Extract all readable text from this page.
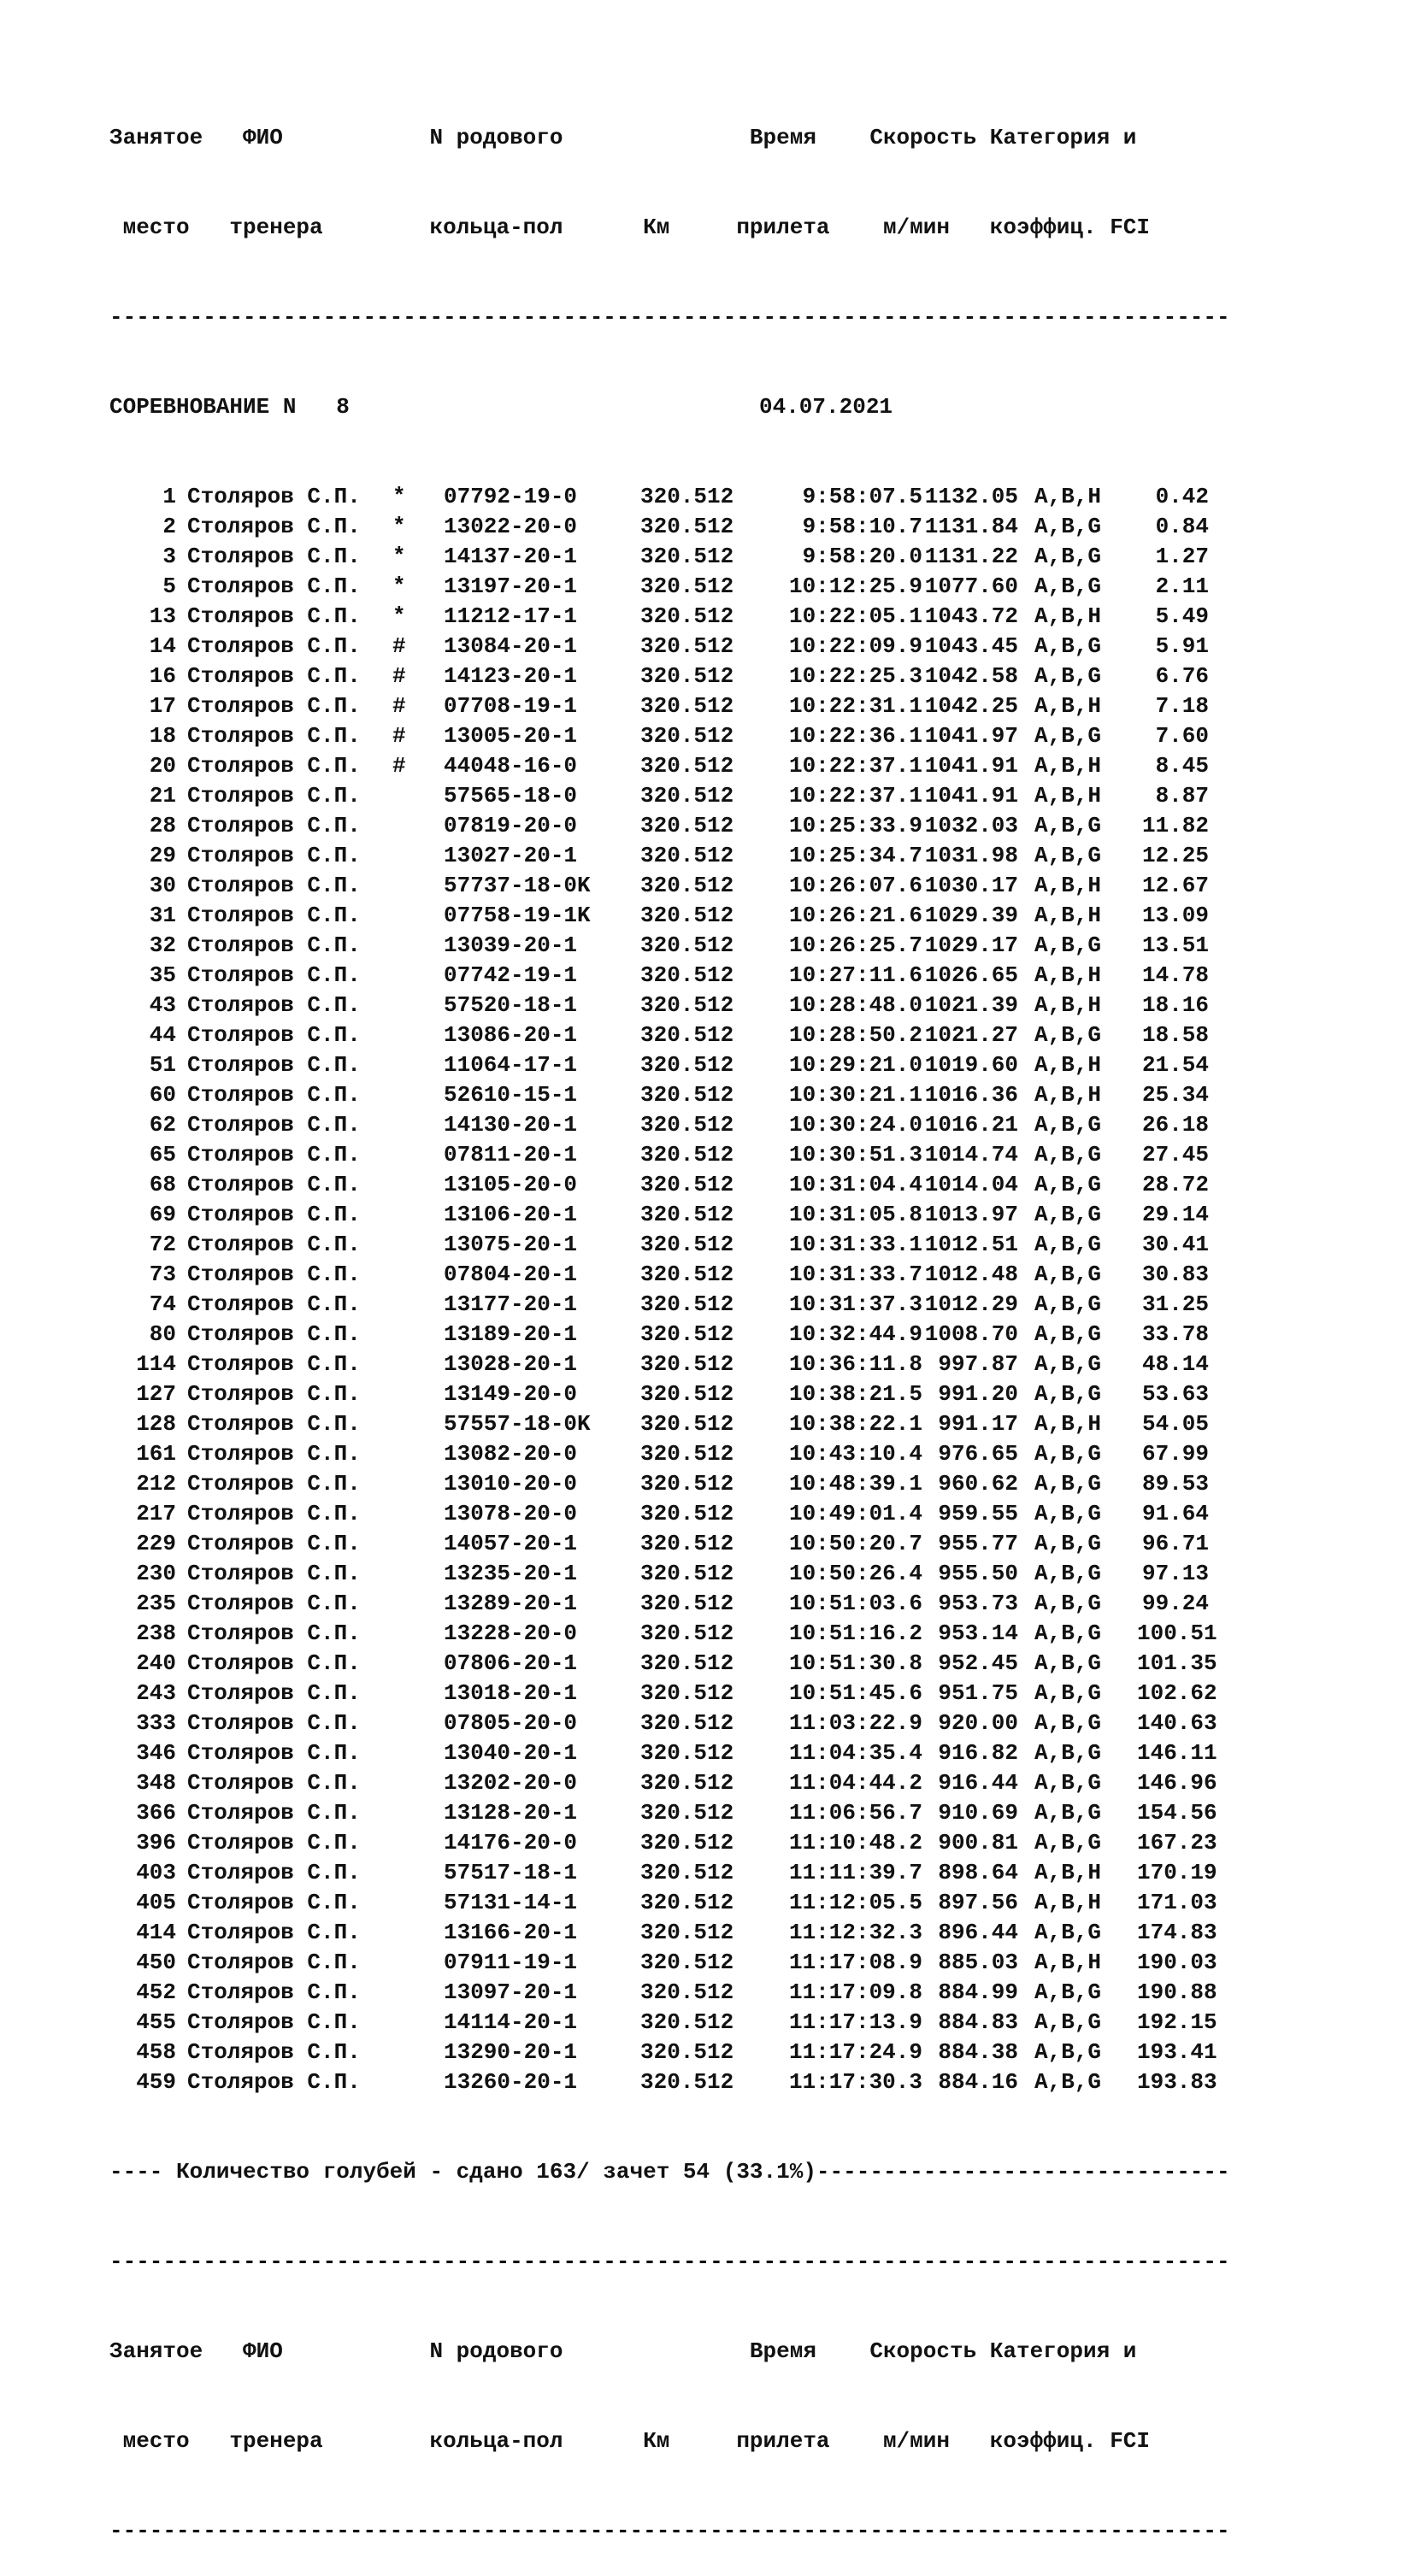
Занятое   ФИО           N родового              Время    Скорость Категория и

место   тренера        кольца-пол      Км     прилета    м/мин   коэффиц. FCI

------------------------------------------------------------------------------------

СОРЕВНОВАНИЕ N   8	04.07.2021

1 Столяров С.П. * 07792-19-0	320.512	9:58:07.5 1132.05 A,B,H 0.42
2 Столяров С.П. * 13022-20-0	320.512	9:58:10.7 1131.84 A,B,G 0.84
3 Столяров С.П. * 14137-20-1	320.512	9:58:20.0 1131.22 A,B,G 1.27
5 Столяров С.П. * 13197-20-1	320.512 10:12:25.9 1077.60 A,B,G 2.11
13 Столяров С.П. * 11212-17-1	320.512 10:22:05.1 1043.72 A,B,H 5.49
14 Столяров С.П. # 13084-20-1	320.512 10:22:09.9 1043.45 A,B,G 5.91
16 Столяров С.П. # 14123-20-1	320.512 10:22:25.3 1042.58 A,B,G 6.76
17 Столяров С.П. # 07708-19-1	320.512 10:22:31.1 1042.25 A,B,H 7.18
18 Столяров С.П. # 13005-20-1	320.512 10:22:36.1 1041.97 A,B,G 7.60
20 Столяров С.П. # 44048-16-0	320.512 10:22:37.1 1041.91 A,B,H 8.45
21 Столяров С.П.	57565-18-0	320.512 10:22:37.1 1041.91 A,B,H 8.87
28 Столяров С.П.	07819-20-0	320.512 10:25:33.9 1032.03 A,B,G 11.82
29 Столяров С.П.	13027-20-1	320.512 10:25:34.7 1031.98 A,B,G 12.25
30 Столяров С.П.	57737-18-0K 320.512 10:26:07.6 1030.17 A,B,H 12.67
31 Столяров С.П.	07758-19-1K 320.512 10:26:21.6 1029.39 A,B,H 13.09
32 Столяров С.П.	13039-20-1	320.512 10:26:25.7 1029.17 A,B,G 13.51
35 Столяров С.П.	07742-19-1	320.512 10:27:11.6 1026.65 A,B,H 14.78
43 Столяров С.П.	57520-18-1	320.512 10:28:48.0 1021.39 A,B,H 18.16
44 Столяров С.П.	13086-20-1	320.512 10:28:50.2 1021.27 A,B,G 18.58
51 Столяров С.П.	11064-17-1	320.512 10:29:21.0 1019.60 A,B,H 21.54
60 Столяров С.П.	52610-15-1	320.512 10:30:21.1 1016.36 A,B,H 25.34
62 Столяров С.П.	14130-20-1	320.512 10:30:24.0 1016.21 A,B,G 26.18
65 Столяров С.П.	07811-20-1	320.512 10:30:51.3 1014.74 A,B,G 27.45
68 Столяров С.П.	13105-20-0	320.512 10:31:04.4 1014.04 A,B,G 28.72
69 Столяров С.П.	13106-20-1	320.512 10:31:05.8 1013.97 A,B,G 29.14
72 Столяров С.П.	13075-20-1	320.512 10:31:33.1 1012.51 A,B,G 30.41
73 Столяров С.П.	07804-20-1	320.512 10:31:33.7 1012.48 A,B,G 30.83
74 Столяров С.П.	13177-20-1	320.512 10:31:37.3 1012.29 A,B,G 31.25
80 Столяров С.П.	13189-20-1	320.512 10:32:44.9 1008.70 A,B,G 33.78
114 Столяров С.П.	13028-20-1	320.512 10:36:11.8 997.87 A,B,G 48.14
127 Столяров С.П.	13149-20-0	320.512 10:38:21.5 991.20 A,B,G 53.63
128 Столяров С.П.	57557-18-0K 320.512 10:38:22.1 991.17 A,B,H 54.05
161 Столяров С.П.	13082-20-0	320.512 10:43:10.4 976.65 A,B,G 67.99
212 Столяров С.П.	13010-20-0	320.512 10:48:39.1 960.62 A,B,G 89.53
217 Столяров С.П.	13078-20-0	320.512 10:49:01.4 959.55 A,B,G 91.64
229 Столяров С.П.	14057-20-1	320.512 10:50:20.7 955.77 A,B,G 96.71
230 Столяров С.П.	13235-20-1	320.512 10:50:26.4 955.50 A,B,G 97.13
235 Столяров С.П.	13289-20-1	320.512 10:51:03.6 953.73 A,B,G 99.24
238 Столяров С.П.	13228-20-0	320.512 10:51:16.2 953.14 A,B,G 100.51
240 Столяров С.П.	07806-20-1	320.512 10:51:30.8 952.45 A,B,G 101.35
243 Столяров С.П.	13018-20-1	320.512 10:51:45.6 951.75 A,B,G 102.62
333 Столяров С.П.	07805-20-0	320.512 11:03:22.9 920.00 A,B,G 140.63
346 Столяров С.П.	13040-20-1	320.512 11:04:35.4 916.82 A,B,G 146.11
348 Столяров С.П.	13202-20-0	320.512 11:04:44.2 916.44 A,B,G 146.96
366 Столяров С.П.	13128-20-1	320.512 11:06:56.7 910.69 A,B,G 154.56
396 Столяров С.П.	14176-20-0	320.512 11:10:48.2 900.81 A,B,G 167.23
403 Столяров С.П.	57517-18-1	320.512 11:11:39.7 898.64 A,B,H 170.19
405 Столяров С.П.	57131-14-1	320.512 11:12:05.5 897.56 A,B,H 171.03
414 Столяров С.П.	13166-20-1	320.512 11:12:32.3 896.44 A,B,G 174.83
450 Столяров С.П.	07911-19-1	320.512 11:17:08.9 885.03 A,B,H 190.03
452 Столяров С.П.	13097-20-1	320.512 11:17:09.8 884.99 A,B,G 190.88
455 Столяров С.П.	14114-20-1	320.512 11:17:13.9 884.83 A,B,G 192.15
458 Столяров С.П.	13290-20-1	320.512 11:17:24.9 884.38 A,B,G 193.41
459 Столяров С.П.	13260-20-1	320.512 11:17:30.3 884.16 A,B,G 193.83

---- Количество голубей - сдано 163/ зачет 54 (33.1%)-------------------------------

------------------------------------------------------------------------------------

Занятое   ФИО           N родового              Время    Скорость Категория и

место   тренера        кольца-пол      Км     прилета    м/мин   коэффиц. FCI

------------------------------------------------------------------------------------
